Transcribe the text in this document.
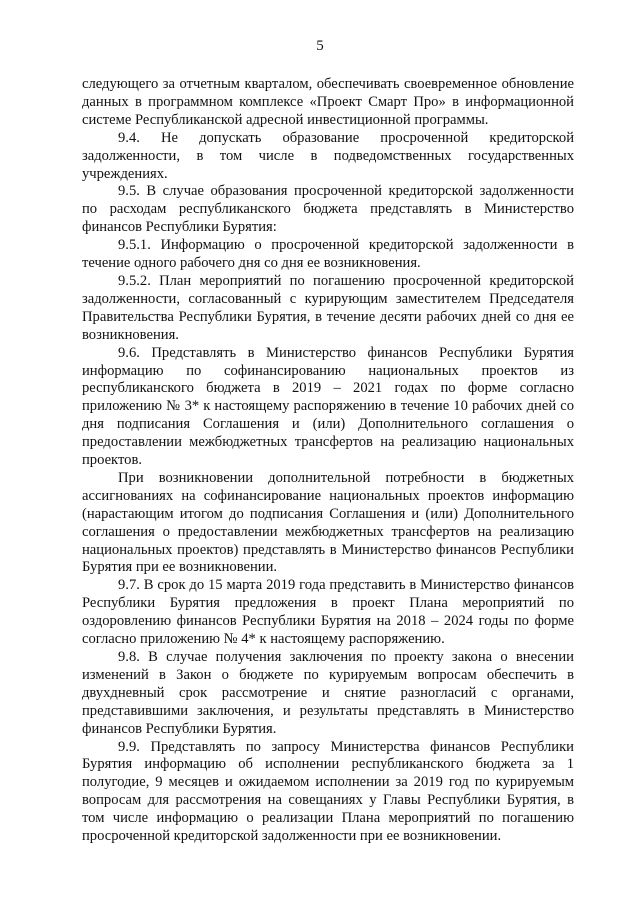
5

следующего за отчетным кварталом, обеспечивать своевременное обновление данных в программном комплексе «Проект Смарт Про» в информационной системе Республиканской адресной инвестиционной программы.

9.4. Не допускать образование просроченной кредиторской задолженности, в том числе в подведомственных государственных учреждениях.

9.5. В случае образования просроченной кредиторской задолженности по расходам республиканского бюджета представлять в Министерство финансов Республики Бурятия:

9.5.1. Информацию о просроченной кредиторской задолженности в течение одного рабочего дня со дня ее возникновения.

9.5.2. План мероприятий по погашению просроченной кредиторской задолженности, согласованный с курирующим заместителем Председателя Правительства Республики Бурятия, в течение десяти рабочих дней со дня ее возникновения.

9.6. Представлять в Министерство финансов Республики Бурятия информацию по софинансированию национальных проектов из республиканского бюджета в 2019 – 2021 годах по форме согласно приложению № 3* к настоящему распоряжению в течение 10 рабочих дней со дня подписания Соглашения и (или) Дополнительного соглашения о предоставлении межбюджетных трансфертов на реализацию национальных проектов.

При возникновении дополнительной потребности в бюджетных ассигнованиях на софинансирование национальных проектов информацию (нарастающим итогом до подписания Соглашения и (или) Дополнительного соглашения о предоставлении межбюджетных трансфертов на реализацию национальных проектов) представлять в Министерство финансов Республики Бурятия при ее возникновении.

9.7. В срок до 15 марта 2019 года представить в Министерство финансов Республики Бурятия предложения в проект Плана мероприятий по оздоровлению финансов Республики Бурятия на 2018 – 2024 годы по форме согласно приложению № 4* к настоящему распоряжению.

9.8. В случае получения заключения по проекту закона о внесении изменений в Закон о бюджете по курируемым вопросам обеспечить в двухдневный срок рассмотрение и снятие разногласий с органами, представившими заключения, и результаты представлять в Министерство финансов Республики Бурятия.

9.9. Представлять по запросу Министерства финансов Республики Бурятия информацию об исполнении республиканского бюджета за 1 полугодие, 9 месяцев и ожидаемом исполнении за 2019 год по курируемым вопросам для рассмотрения на совещаниях у Главы Республики Бурятия, в том числе информацию о реализации Плана мероприятий по погашению просроченной кредиторской задолженности при ее возникновении.
